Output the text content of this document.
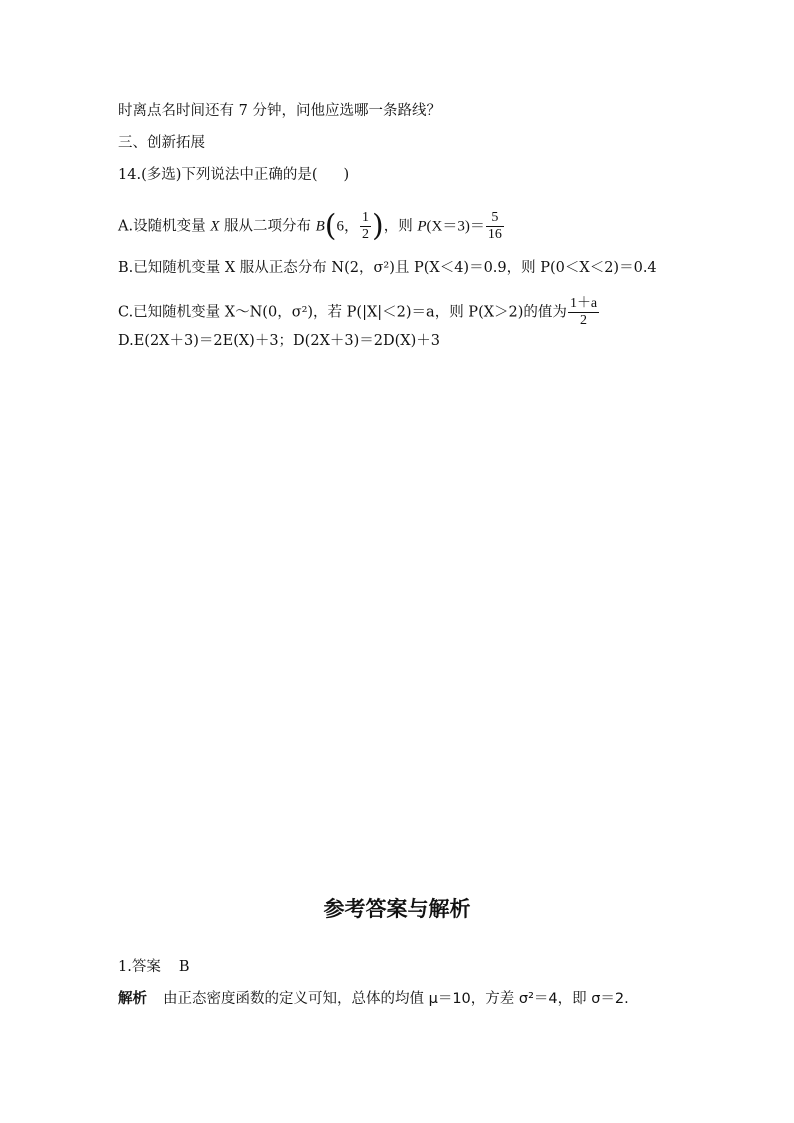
时离点名时间还有 7 分钟，问他应选哪一条路线？
三、创新拓展
14.(多选)下列说法中正确的是( )
A.设随机变量 X 服从二项分布 B(6， $\frac{1}{2}$ )，则 $P(X=3)= \frac{5}{16}$
B.已知随机变量 X 服从正态分布 N(2，σ²)且 P(X＜4)＝0.9，则 P(0＜X＜2)＝0.4
C.已知随机变量 X～N(0，σ²)，若 P(|X|＜2)＝a，则 P(X＞2)的值为 $\frac{1+a}{2}$
D.E(2X＋3)＝2E(X)＋3；D(2X＋3)＝2D(X)＋3
参考答案与解析
1.答案 B
解析 由正态密度函数的定义可知，总体的均值 μ＝10，方差 σ²＝4，即 σ＝2.
